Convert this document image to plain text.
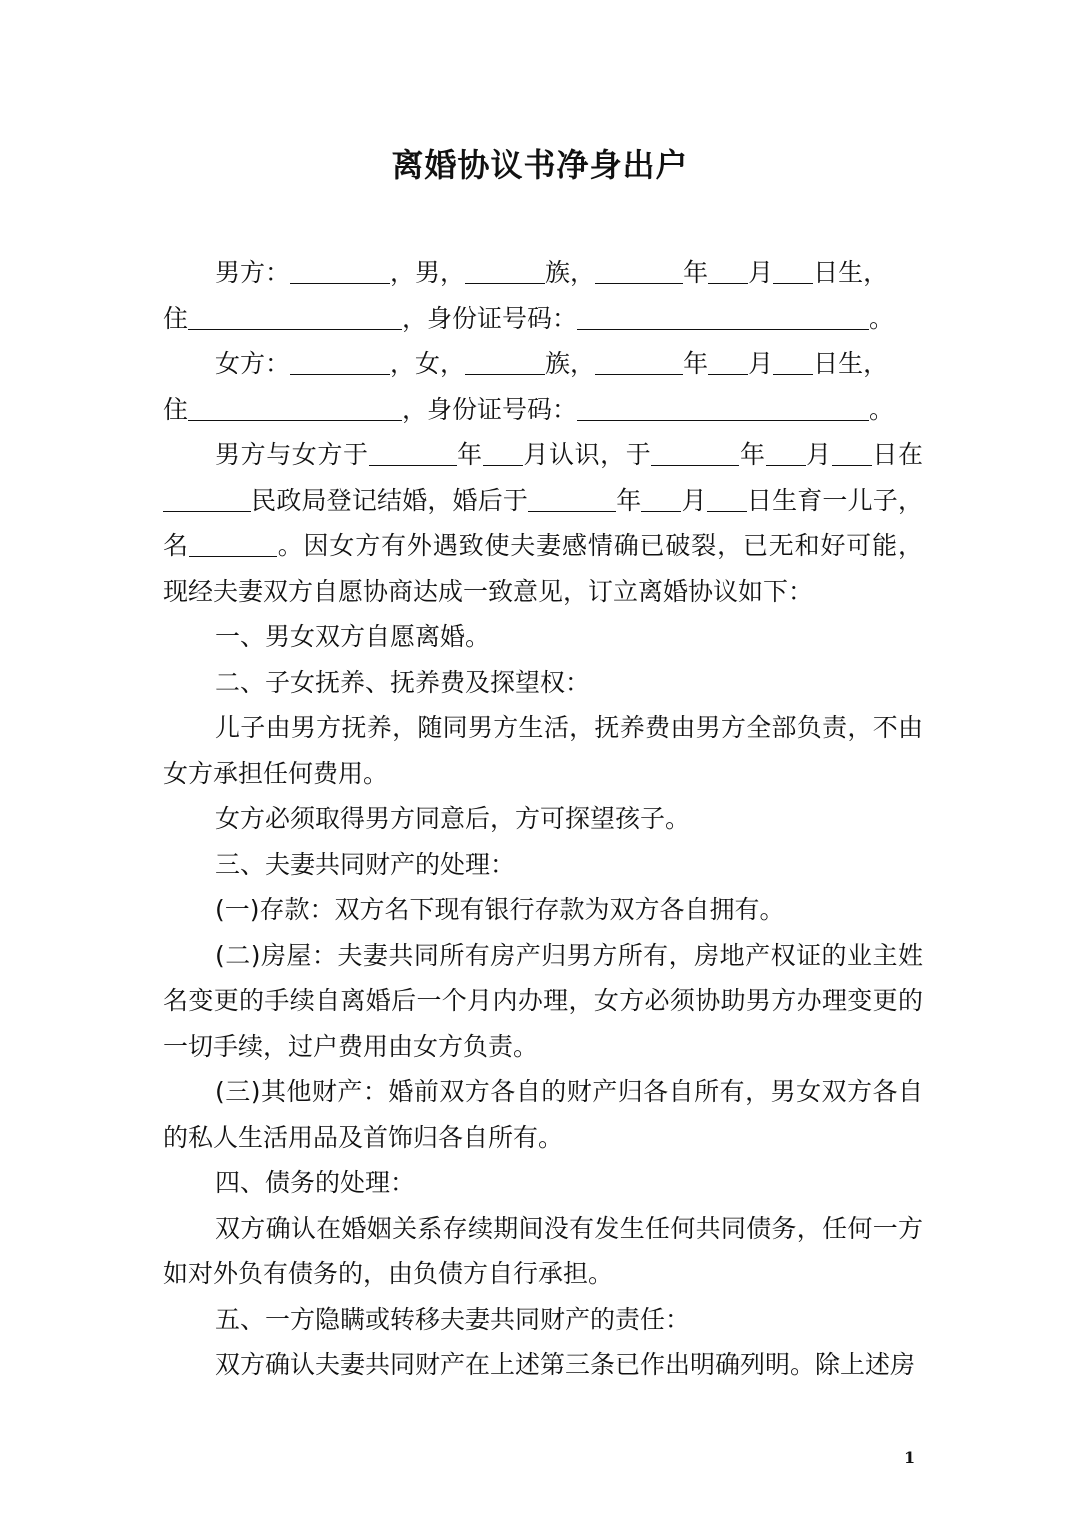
离婚协议书净身出户

男方：	，男，	族，	年 月 日生，

住	，身份证号码：	。

女方：	，女，	族，	年 月 日生，

住	，身份证号码：	。

男方与女方于	年 月认识，于	年 月 日在民政局登记结婚，婚后于	年 月 日生育一儿子，名	。因女方有外遇致使夫妻感情确已破裂，已无和好可能，现经夫妻双方自愿协商达成一致意见，订立离婚协议如下：

一、男女双方自愿离婚。

二、子女抚养、抚养费及探望权：

儿子由男方抚养，随同男方生活，抚养费由男方全部负责，不由女方承担任何费用。

女方必须取得男方同意后，方可探望孩子。

三、夫妻共同财产的处理：

(一)存款：双方名下现有银行存款为双方各自拥有。

(二)房屋：夫妻共同所有房产归男方所有，房地产权证的业主姓名变更的手续自离婚后一个月内办理，女方必须协助男方办理变更的一切手续，过户费用由女方负责。

(三)其他财产：婚前双方各自的财产归各自所有，男女双方各自的私人生活用品及首饰归各自所有。

四、债务的处理：

双方确认在婚姻关系存续期间没有发生任何共同债务，任何一方如对外负有债务的，由负债方自行承担。

五、一方隐瞒或转移夫妻共同财产的责任：

双方确认夫妻共同财产在上述第三条已作出明确列明。除上述房

1
